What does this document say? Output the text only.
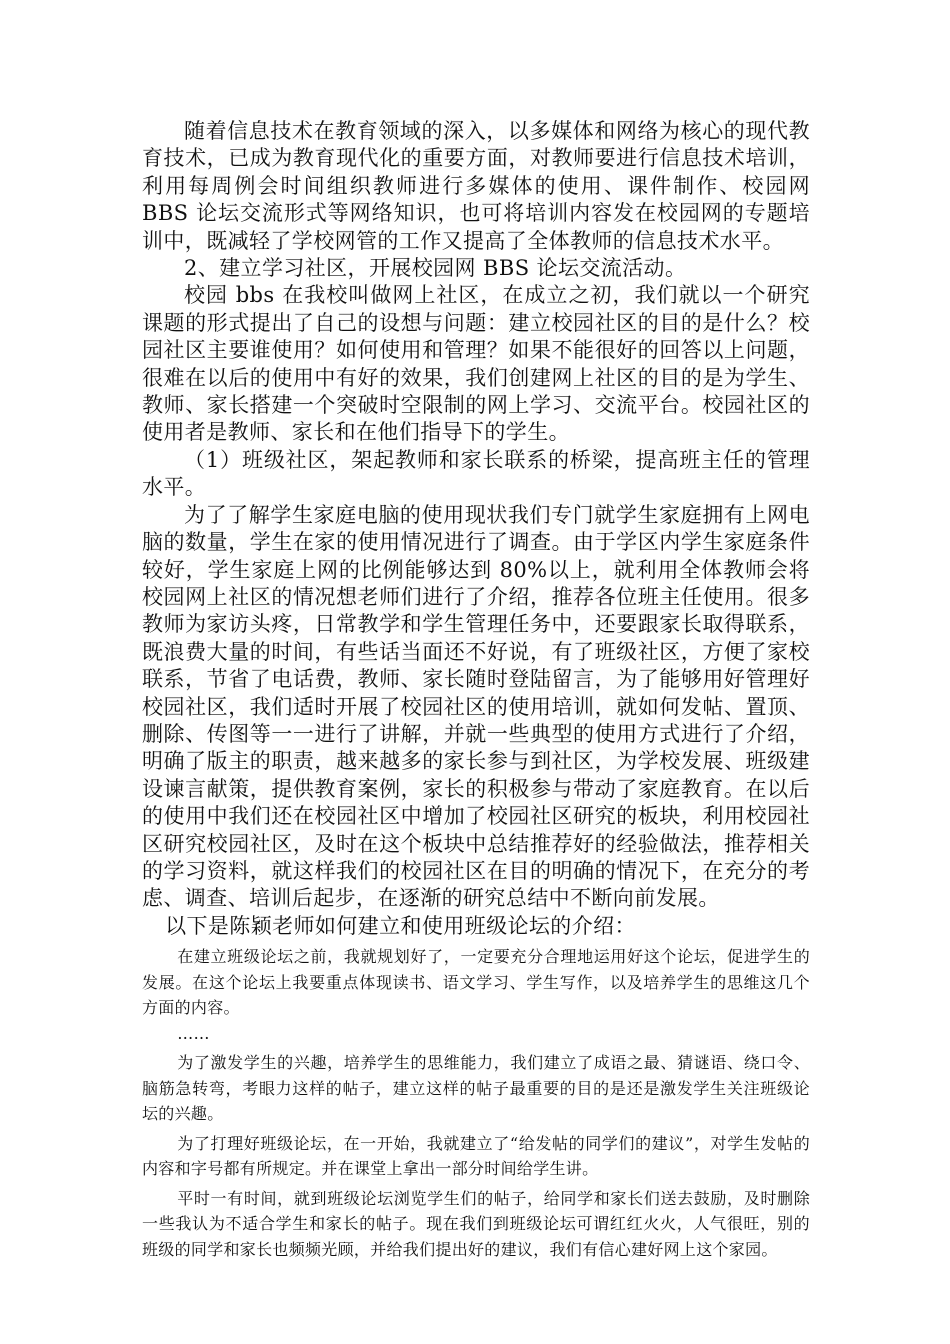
随着信息技术在教育领域的深入，以多媒体和网络为核心的现代教育技术，已成为教育现代化的重要方面，对教师要进行信息技术培训，利用每周例会时间组织教师进行多媒体的使用、课件制作、校园网 BBS 论坛交流形式等网络知识，也可将培训内容发在校园网的专题培训中，既减轻了学校网管的工作又提高了全体教师的信息技术水平。

2、建立学习社区，开展校园网 BBS 论坛交流活动。

校园 bbs 在我校叫做网上社区，在成立之初，我们就以一个研究课题的形式提出了自己的设想与问题：建立校园社区的目的是什么？校园社区主要谁使用？如何使用和管理？如果不能很好的回答以上问题，很难在以后的使用中有好的效果，我们创建网上社区的目的是为学生、教师、家长搭建一个突破时空限制的网上学习、交流平台。校园社区的使用者是教师、家长和在他们指导下的学生。

（1）班级社区，架起教师和家长联系的桥梁，提高班主任的管理水平。

为了了解学生家庭电脑的使用现状我们专门就学生家庭拥有上网电脑的数量，学生在家的使用情况进行了调查。由于学区内学生家庭条件较好，学生家庭上网的比例能够达到 80%以上，就利用全体教师会将校园网上社区的情况想老师们进行了介绍，推荐各位班主任使用。很多教师为家访头疼，日常教学和学生管理任务中，还要跟家长取得联系，既浪费大量的时间，有些话当面还不好说，有了班级社区，方便了家校联系，节省了电话费，教师、家长随时登陆留言，为了能够用好管理好校园社区，我们适时开展了校园社区的使用培训，就如何发帖、置顶、删除、传图等一一进行了讲解，并就一些典型的使用方式进行了介绍，明确了版主的职责，越来越多的家长参与到社区，为学校发展、班级建设谏言献策，提供教育案例，家长的积极参与带动了家庭教育。在以后的使用中我们还在校园社区中增加了校园社区研究的板块，利用校园社区研究校园社区，及时在这个板块中总结推荐好的经验做法，推荐相关的学习资料，就这样我们的校园社区在目的明确的情况下，在充分的考虑、调查、培训后起步，在逐渐的研究总结中不断向前发展。

以下是陈颖老师如何建立和使用班级论坛的介绍：

在建立班级论坛之前，我就规划好了，一定要充分合理地运用好这个论坛，促进学生的发展。在这个论坛上我要重点体现读书、语文学习、学生写作，以及培养学生的思维这几个方面的内容。

……

为了激发学生的兴趣，培养学生的思维能力，我们建立了成语之最、猜谜语、绕口令、脑筋急转弯，考眼力这样的帖子，建立这样的帖子最重要的目的是还是激发学生关注班级论坛的兴趣。

为了打理好班级论坛，在一开始，我就建立了“给发帖的同学们的建议”，对学生发帖的内容和字号都有所规定。并在课堂上拿出一部分时间给学生讲。

平时一有时间，就到班级论坛浏览学生们的帖子，给同学和家长们送去鼓励，及时删除一些我认为不适合学生和家长的帖子。现在我们到班级论坛可谓红红火火，人气很旺，别的班级的同学和家长也频频光顾，并给我们提出好的建议，我们有信心建好网上这个家园。
